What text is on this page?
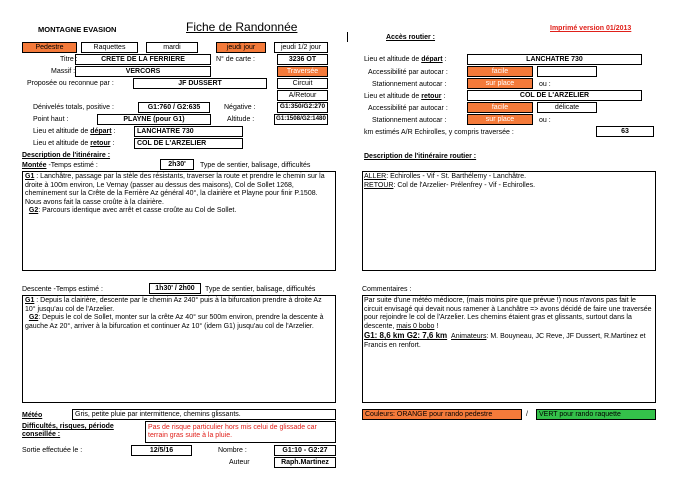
MONTAGNE EVASION	Fiche de Randonnée	Imprimé version 01/2013
Pedestre	Raquettes	mardi	jeudi jour	jeudi 1/2 jour
Titre :	CRETE DE LA FERRIERE	N° de carte :	3236 OT
Massif :	VERCORS	Traversée
Proposée ou reconnue par :	JF DUSSERT	Circuit
A/Retour
Dénivelés totals, positive :	G1:760 / G2:635	Négative :	G1:350/G2:270
Point haut :	PLAYNE (pour G1)	Altitude :	G1:1508/G2:1480
Lieu et altitude de départ :	LANCHATRE 730
Lieu et altitude de retour :	COL DE L'ARZELIER
Description de l'itinéraire :
Montée -Temps estimé :	2h30'	Type de sentier, balisage, difficultés
G1 : Lanchâtre, passage par la stèle des résistants, traverser la route et prendre le chemin sur la droite à 100m environ, Le Vernay (passer au dessus des maisons), Col de Sollet 1268, cheminement sur la Crête de la Ferrière Az général 40°, la clairière et Playne pour finir P.1508. Nous avons fait la casse croûte à la clairière.
G2: Parcours identique avec arrêt et casse croûte au Col de Sollet.
Descente -Temps estimé :	1h30' / 2h00	Type de sentier, balisage, difficultés
G1 : Depuis la clairière, descente par le chemin Az 240° puis à la bifurcation prendre à droite Az 10° jusqu'au col de l'Arzelier.
G2: Depuis le col de Sollet, monter sur la crête Az 40° sur 500m environ, prendre la descente à gauche Az 20°, arriver à la bifurcation et continuer Az 10° (idem G1) jusqu'au col de l'Arzelier.
Météo	Gris, petite pluie par intermittence, chemins glissants.
Difficultés, risques, période conseillée :
Pas de risque particulier hors mis celui de glissade car terrain gras suite à la pluie.
Sortie effectuée le :	12/5/16	Nombre :	G1:10 - G2:27
Auteur	Raph.Martinez
Accès routier :
Lieu et altitude de départ :	LANCHATRE 730
Accessibilité par autocar :	facile
Stationnement autocar :	sur place	ou :
Lieu et altitude de retour :	COL DE L'ARZELIER
Accessibilité par autocar :	facile	délicate
Stationnement autocar :	sur place	ou :
km estimés A/R Echirolles, y compris traversée :	63
Description de l'itinéraire routier :
ALLER: Echirolles - Vif - St. Barthélemy - Lanchâtre.
RETOUR: Col de l'Arzelier- Prélenfrey - Vif - Echirolles.
Commentaires :
Par suite d'une météo médiocre, (mais moins pire que prévue !) nous n'avons pas fait le circuit envisagé qui devait nous ramener à Lanchâtre => avons décidé de faire une traversée pour rejoindre le col de l'Arzelier. Les chemins étaient gras et glissants, surtout dans la descente, mais 0 bobo !
G1: 8,6 km G2: 7,6 km Animateurs: M. Bouyneau, JC Reve, JF Dussert, R.Martinez et Francis en renfort.
Couleurs: ORANGE pour rando pedestre	/	VERT pour rando raquette
